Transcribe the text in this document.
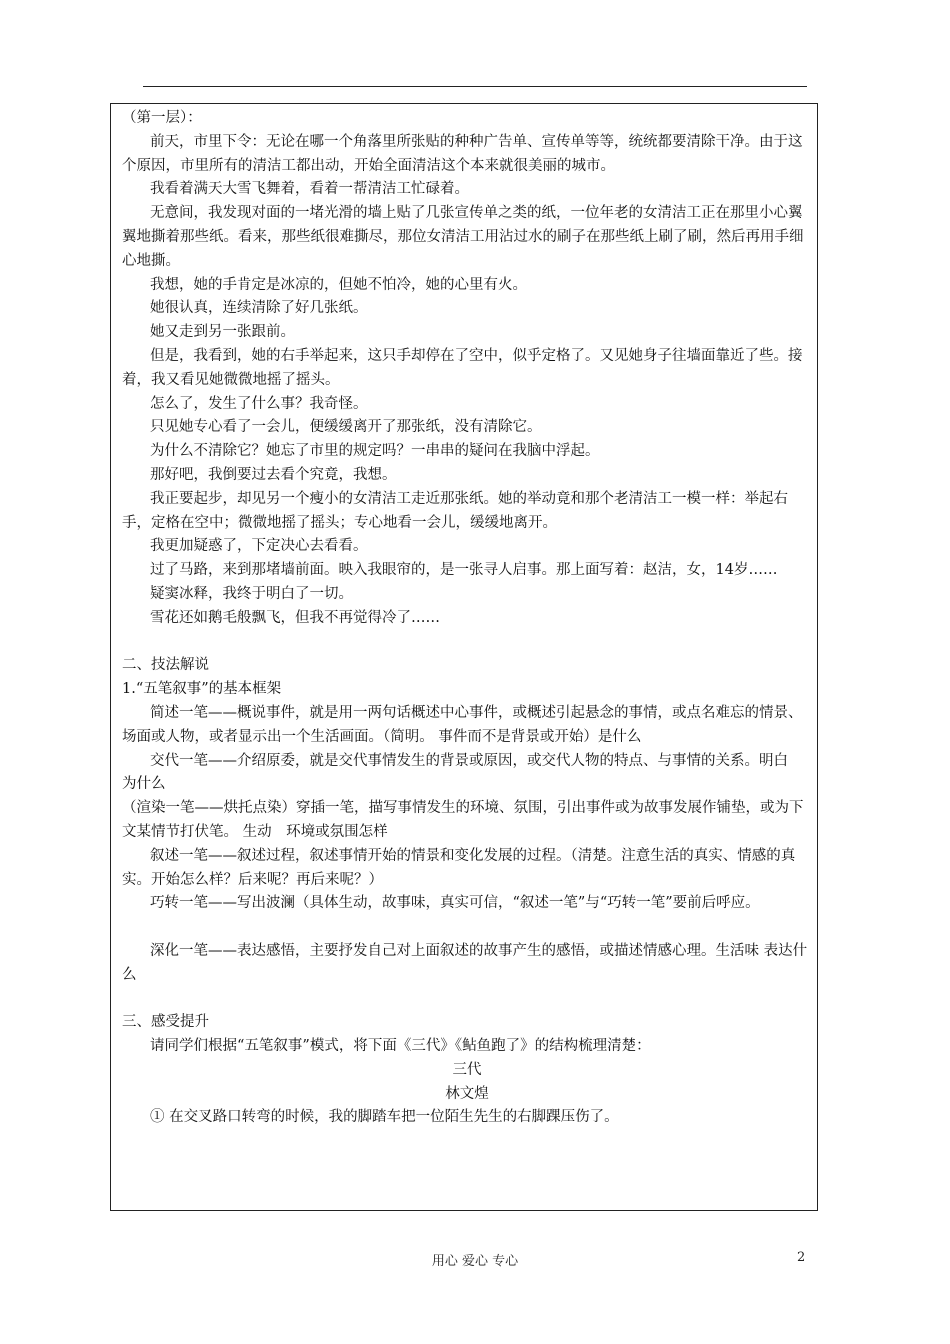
（第一层）：

前天，市里下令：无论在哪一个角落里所张贴的种种广告单、宣传单等等，统统都要清除干净。由于这个原因，市里所有的清洁工都出动，开始全面清洁这个本来就很美丽的城市。

我看着满天大雪飞舞着，看着一帮清洁工忙碌着。

无意间，我发现对面的一堵光滑的墙上贴了几张宣传单之类的纸，一位年老的女清洁工正在那里小心翼翼地撕着那些纸。看来，那些纸很难撕尽，那位女清洁工用沾过水的刷子在那些纸上刷了刷，然后再用手细心地撕。

我想，她的手肯定是冰凉的，但她不怕冷，她的心里有火。

她很认真，连续清除了好几张纸。

她又走到另一张跟前。

但是，我看到，她的右手举起来，这只手却停在了空中，似乎定格了。又见她身子往墙面靠近了些。接着，我又看见她微微地摇了摇头。

怎么了，发生了什么事？我奇怪。

只见她专心看了一会儿，便缓缓离开了那张纸，没有清除它。

为什么不清除它？她忘了市里的规定吗？一串串的疑问在我脑中浮起。

那好吧，我倒要过去看个究竟，我想。

我正要起步，却见另一个瘦小的女清洁工走近那张纸。她的举动竟和那个老清洁工一模一样：举起右手，定格在空中；微微地摇了摇头；专心地看一会儿，缓缓地离开。

我更加疑惑了，下定决心去看看。

过了马路，来到那堵墙前面。映入我眼帘的，是一张寻人启事。那上面写着：赵洁，女，14岁……

疑窦冰释，我终于明白了一切。

雪花还如鹅毛般飘飞，但我不再觉得冷了……

二、技法解说

1.“五笔叙事”的基本框架

简述一笔——概说事件，就是用一两句话概述中心事件，或概述引起悬念的事情，或点名难忘的情景、场面或人物，或者显示出一个生活画面。（简明。 事件而不是背景或开始）是什么

交代一笔——介绍原委，就是交代事情发生的背景或原因，或交代人物的特点、与事情的关系。明白　为什么

（渲染一笔——烘托点染）穿插一笔，描写事情发生的环境、氛围，引出事件或为故事发展作铺垫，或为下文某情节打伏笔。 生动　环境或氛围怎样

叙述一笔——叙述过程，叙述事情开始的情景和变化发展的过程。（清楚。注意生活的真实、情感的真实。开始怎么样？后来呢？再后来呢？）

巧转一笔——写出波澜（具体生动，故事味，真实可信，“叙述一笔”与“巧转一笔”要前后呼应。

深化一笔——表达感悟，主要抒发自己对上面叙述的故事产生的感悟，或描述情感心理。生活味 表达什么

三、感受提升

请同学们根据“五笔叙事”模式，将下面《三代》《鲇鱼跑了》的结构梳理清楚：

三代

林文煌

① 在交叉路口转弯的时候，我的脚踏车把一位陌生先生的右脚踝压伤了。

用心 爱心 专心	2
